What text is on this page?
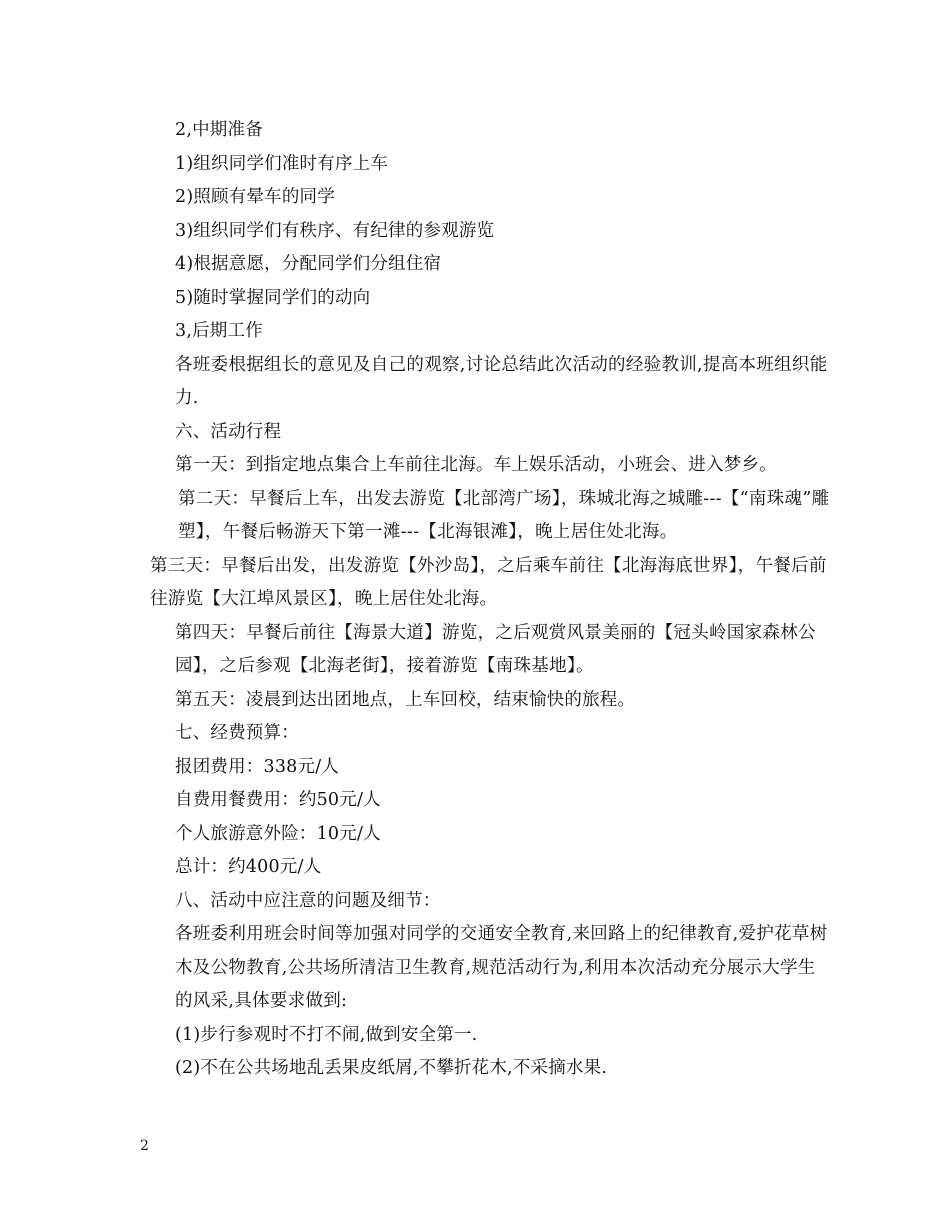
2,中期准备

1)组织同学们准时有序上车

2)照顾有晕车的同学

3)组织同学们有秩序、有纪律的参观游览

4)根据意愿，分配同学们分组住宿

5)随时掌握同学们的动向

3,后期工作

各班委根据组长的意见及自己的观察,讨论总结此次活动的经验教训,提高本班组织能力.

六、活动行程

第一天：到指定地点集合上车前往北海。车上娱乐活动，小班会、进入梦乡。

第二天：早餐后上车，出发去游览【北部湾广场】，珠城北海之城雕---【“南珠魂”雕塑】，午餐后畅游天下第一滩---【北海银滩】，晚上居住处北海。

第三天：早餐后出发，出发游览【外沙岛】，之后乘车前往【北海海底世界】，午餐后前往游览【大江埠风景区】，晚上居住处北海。

第四天：早餐后前往【海景大道】游览，之后观赏风景美丽的【冠头岭国家森林公园】，之后参观【北海老街】，接着游览【南珠基地】。

第五天：凌晨到达出团地点，上车回校，结束愉快的旅程。

七、经费预算：

报团费用：338元/人

自费用餐费用：约50元/人

个人旅游意外险：10元/人

总计：约400元/人

八、活动中应注意的问题及细节：

各班委利用班会时间等加强对同学的交通安全教育,来回路上的纪律教育,爱护花草树木及公物教育,公共场所清洁卫生教育,规范活动行为,利用本次活动充分展示大学生的风采,具体要求做到:

(1)步行参观时不打不闹,做到安全第一.

(2)不在公共场地乱丢果皮纸屑,不攀折花木,不采摘水果.

2
